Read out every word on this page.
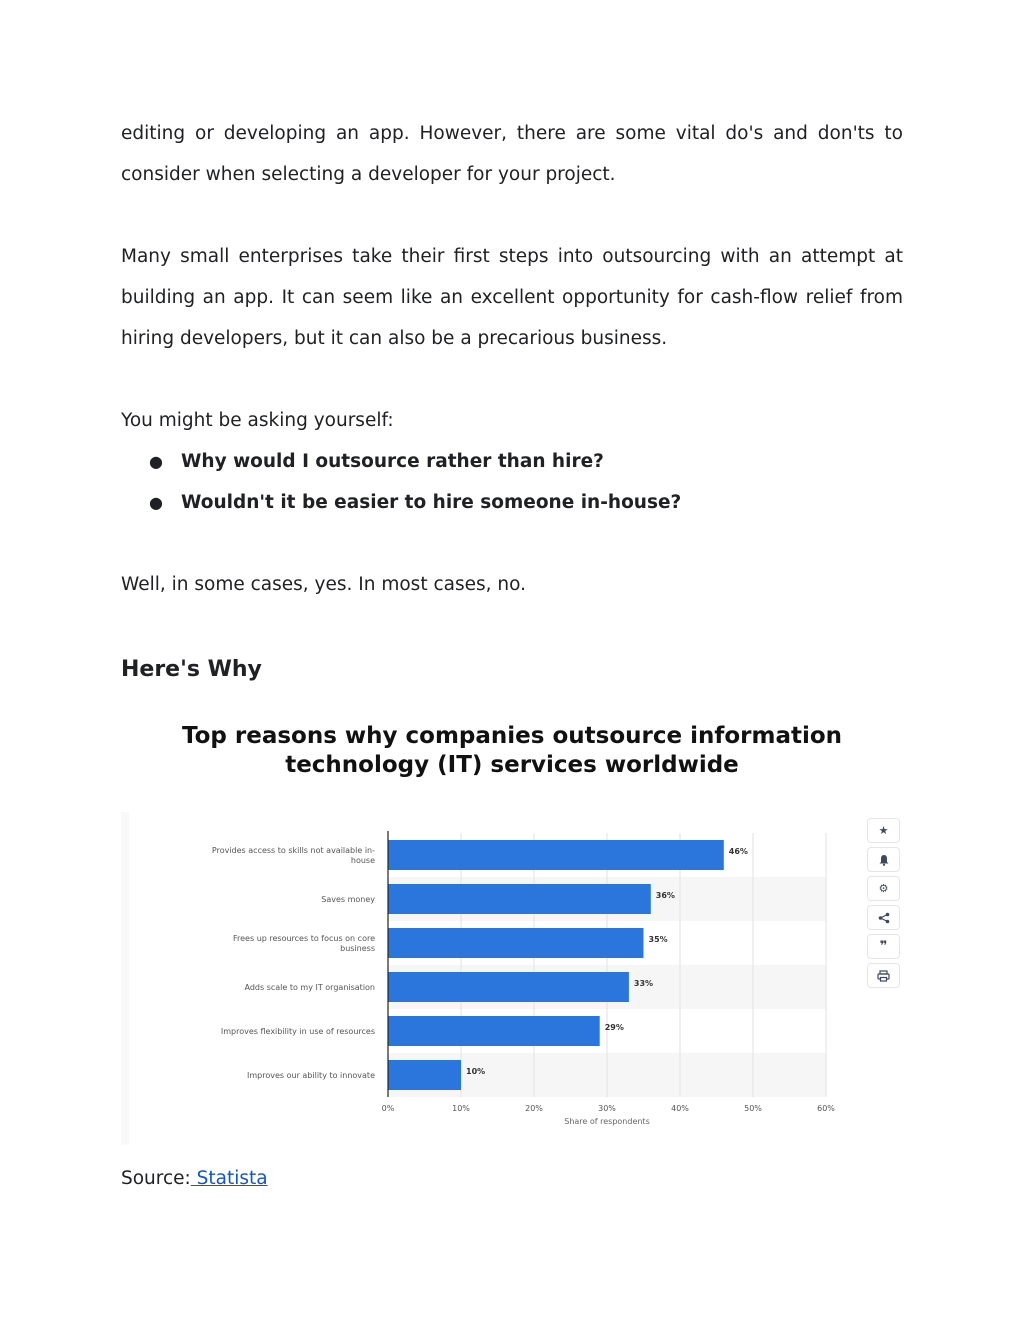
editing or developing an app. However, there are some vital do's and don'ts to consider when selecting a developer for your project.

Many small enterprises take their first steps into outsourcing with an attempt at building an app. It can seem like an excellent opportunity for cash-flow relief from hiring developers, but it can also be a precarious business.

You might be asking yourself:

● Why would I outsource rather than hire?
● Wouldn't it be easier to hire someone in-house?

Well, in some cases, yes. In most cases, no.

Here's Why
Top reasons why companies outsource information technology (IT) services worldwide
46%
Provides access to skills not available in-
house
36%
Saves money
35%
Frees up resources to focus on core
business
33%
Adds scale to my IT organisation
29%
Improves flexibility in use of resources
10%
Improves our ability to innovate
0%	10%	20%	30%	40%	50%	60%
Share of respondents
★
⚙
❞

Source: Statista
